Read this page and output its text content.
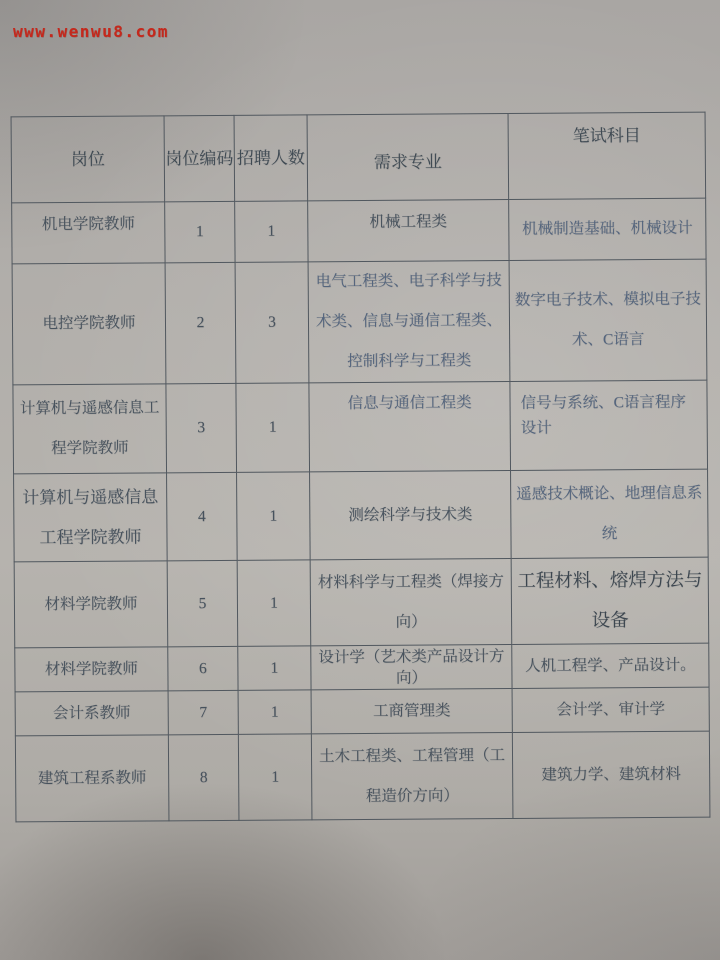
www.wenwu8.com
岗位	岗位编码	招聘人数	需求专业	笔试科目
机电学院教师	1	1	机械工程类	机械制造基础、机械设计
电控学院教师	2	3	电气工程类、电子科学与技术类、信息与通信工程类、控制科学与工程类	数字电子技术、模拟电子技术、C语言
计算机与遥感信息工程学院教师	3	1	信息与通信工程类	信号与系统、C语言程序设计
计算机与遥感信息工程学院教师	4	1	测绘科学与技术类	遥感技术概论、地理信息系统
材料学院教师	5	1	材料科学与工程类（焊接方向）	工程材料、熔焊方法与设备
材料学院教师	6	1	设计学（艺术类产品设计方向）	人机工程学、产品设计。
会计系教师	7	1	工商管理类	会计学、审计学
建筑工程系教师	8	1	土木工程类、工程管理（工程造价方向）	建筑力学、建筑材料
